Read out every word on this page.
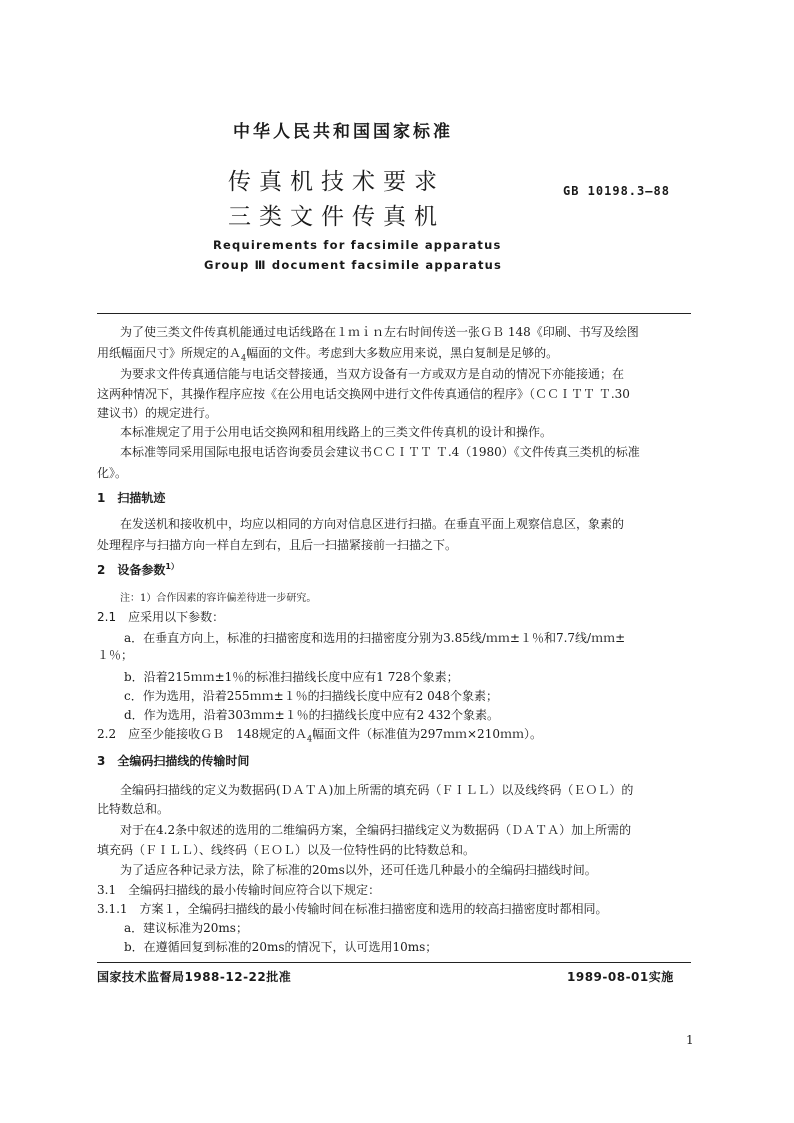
中华人民共和国国家标准
传真机技术要求
三类文件传真机
GB 10198.3—88
Requirements for facsimile apparatus
Group Ⅲ document facsimile apparatus
为了使三类文件传真机能通过电话线路在１ｍｉｎ左右时间传送一张ＧＢ 148《印刷、书写及绘图
用纸幅面尺寸》所规定的Ａ$_4$幅面的文件。考虑到大多数应用来说，黑白复制是足够的。
为要求文件传真通信能与电话交替接通，当双方设备有一方或双方是自动的情况下亦能接通；在
这两种情况下，其操作程序应按《在公用电话交换网中进行文件传真通信的程序》（ＣＣＩＴＴ Ｔ.30
建议书）的规定进行。
本标准规定了用于公用电话交换网和租用线路上的三类文件传真机的设计和操作。
本标准等同采用国际电报电话咨询委员会建议书ＣＣＩＴＴ Ｔ.4（1980）《文件传真三类机的标准
化》。
1　扫描轨迹
在发送机和接收机中，均应以相同的方向对信息区进行扫描。在垂直平面上观察信息区，象素的
处理程序与扫描方向一样自左到右，且后一扫描紧接前一扫描之下。
2　设备参数$^{1)}$
注：1）合作因素的容许偏差待进一步研究。
2.1　应采用以下参数：
a．在垂直方向上，标准的扫描密度和选用的扫描密度分别为3.85线/ｍｍ±１％和7.7线/ｍｍ±
１％；
b．沿着215ｍｍ±1％的标准扫描线长度中应有1 728个象素；
c．作为选用，沿着255ｍｍ±１％的扫描线长度中应有2 048个象素；
d．作为选用，沿着303ｍｍ±１％的扫描线长度中应有2 432个象素。
2.2　应至少能接收ＧＢ　148规定的Ａ$_4$幅面文件（标准值为297ｍｍ×210ｍｍ）。
3　全编码扫描线的传输时间
全编码扫描线的定义为数据码(ＤＡＴＡ)加上所需的填充码（ＦＩＬＬ）以及线终码（ＥＯＬ）的
比特数总和。
对于在4.2条中叙述的选用的二维编码方案，全编码扫描线定义为数据码（ＤＡＴＡ）加上所需的
填充码（ＦＩＬＬ）、线终码（ＥＯＬ）以及一位特性码的比特数总和。
为了适应各种记录方法，除了标准的20ms以外，还可任选几种最小的全编码扫描线时间。
3.1　全编码扫描线的最小传输时间应符合以下规定：
3.1.1　方案１，全编码扫描线的最小传输时间在标准扫描密度和选用的较高扫描密度时都相同。
a．建议标准为20ms；
b．在遵循回复到标准的20ms的情况下，认可选用10ms；
国家技术监督局1988-12-22批准	1989-08-01实施
1
